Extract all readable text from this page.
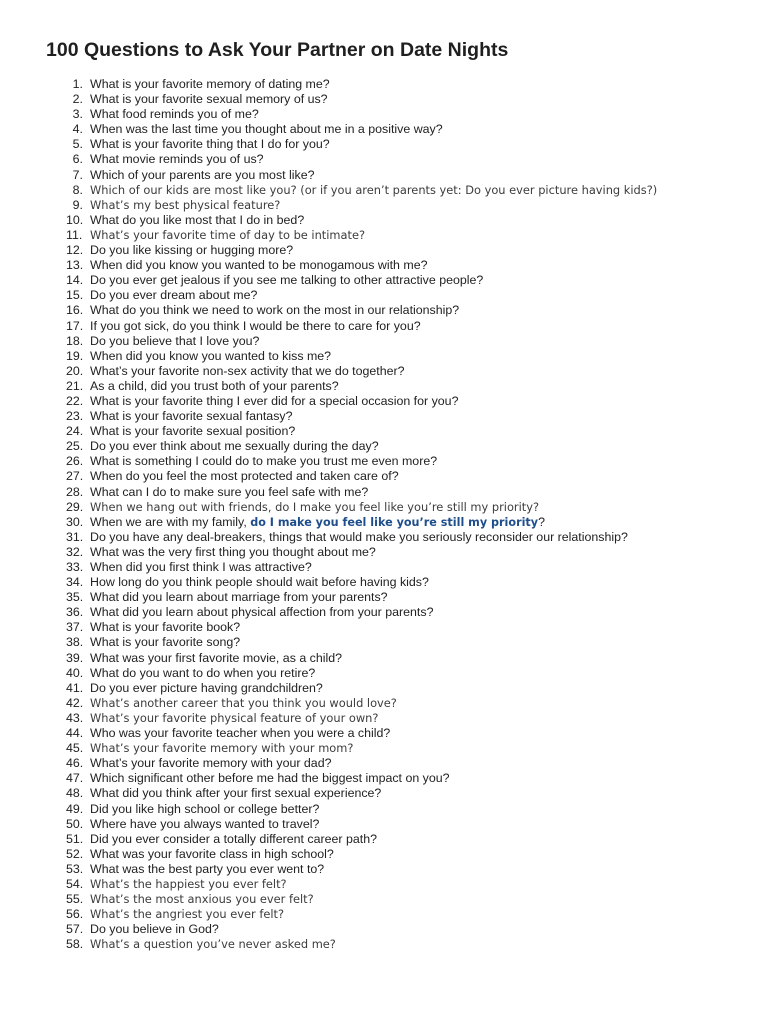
100 Questions to Ask Your Partner on Date Nights
1. What is your favorite memory of dating me?
2. What is your favorite sexual memory of us?
3. What food reminds you of me?
4. When was the last time you thought about me in a positive way?
5. What is your favorite thing that I do for you?
6. What movie reminds you of us?
7. Which of your parents are you most like?
8. Which of our kids are most like you? (or if you aren’t parents yet: Do you ever picture having kids?)
9. What’s my best physical feature?
10. What do you like most that I do in bed?
11. What’s your favorite time of day to be intimate?
12. Do you like kissing or hugging more?
13. When did you know you wanted to be monogamous with me?
14. Do you ever get jealous if you see me talking to other attractive people?
15. Do you ever dream about me?
16. What do you think we need to work on the most in our relationship?
17. If you got sick, do you think I would be there to care for you?
18. Do you believe that I love you?
19. When did you know you wanted to kiss me?
20. What’s your favorite non-sex activity that we do together?
21. As a child, did you trust both of your parents?
22. What is your favorite thing I ever did for a special occasion for you?
23. What is your favorite sexual fantasy?
24. What is your favorite sexual position?
25. Do you ever think about me sexually during the day?
26. What is something I could do to make you trust me even more?
27. When do you feel the most protected and taken care of?
28. What can I do to make sure you feel safe with me?
29. When we hang out with friends, do I make you feel like you’re still my priority?
30. When we are with my family, do I make you feel like you’re still my priority?
31. Do you have any deal-breakers, things that would make you seriously reconsider our relationship?
32. What was the very first thing you thought about me?
33. When did you first think I was attractive?
34. How long do you think people should wait before having kids?
35. What did you learn about marriage from your parents?
36. What did you learn about physical affection from your parents?
37. What is your favorite book?
38. What is your favorite song?
39. What was your first favorite movie, as a child?
40. What do you want to do when you retire?
41. Do you ever picture having grandchildren?
42. What’s another career that you think you would love?
43. What’s your favorite physical feature of your own?
44. Who was your favorite teacher when you were a child?
45. What’s your favorite memory with your mom?
46. What’s your favorite memory with your dad?
47. Which significant other before me had the biggest impact on you?
48. What did you think after your first sexual experience?
49. Did you like high school or college better?
50. Where have you always wanted to travel?
51. Did you ever consider a totally different career path?
52. What was your favorite class in high school?
53. What was the best party you ever went to?
54. What’s the happiest you ever felt?
55. What’s the most anxious you ever felt?
56. What’s the angriest you ever felt?
57. Do you believe in God?
58. What’s a question you’ve never asked me?
